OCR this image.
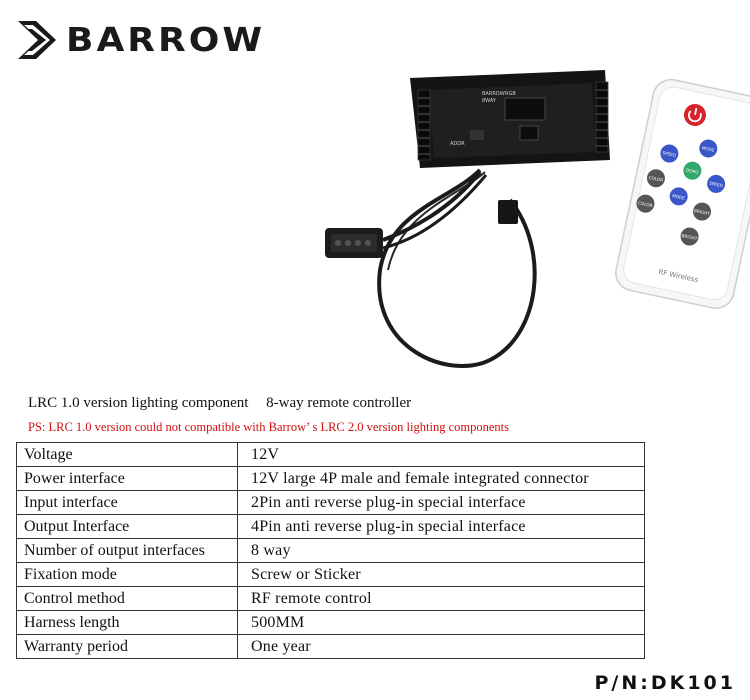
BARROW
BARROW
8WAY
RGB
ADDR
MODE
SPEED
DEMO
SPEED
COLOR
MODE
BRIGHT
COLOR
BRIGHT
RF Wireless
LRC 1.0 version lighting component 8-way remote controller
PS: LRC 1.0 version could not compatible with Barrow’ s LRC 2.0 version lighting components
Voltage	12V
Power interface	12V large 4P male and female integrated connector
Input interface	2Pin anti reverse plug-in special interface
Output Interface	4Pin anti reverse plug-in special interface
Number of output interfaces	8 way
Fixation mode	Screw or Sticker
Control method	RF remote control
Harness length	500MM
Warranty period	One year
P/N:DK101
